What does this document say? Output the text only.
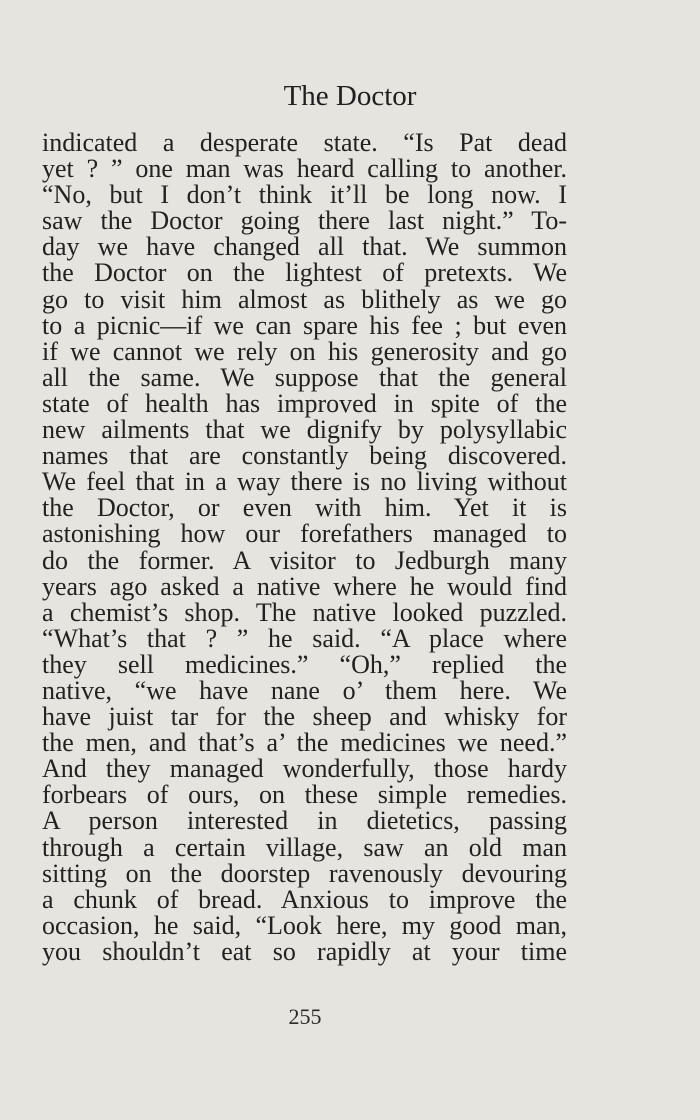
The Doctor
indicated a desperate state. “Is Pat dead
yet ? ” one man was heard calling to another.
“No, but I don’t think it’ll be long now. I
saw the Doctor going there last night.” To-
day we have changed all that. We summon
the Doctor on the lightest of pretexts. We
go to visit him almost as blithely as we go
to a picnic—if we can spare his fee ; but even
if we cannot we rely on his generosity and go
all the same. We suppose that the general
state of health has improved in spite of the
new ailments that we dignify by polysyllabic
names that are constantly being discovered.
We feel that in a way there is no living without
the Doctor, or even with him. Yet it is
astonishing how our forefathers managed to
do the former. A visitor to Jedburgh many
years ago asked a native where he would find
a chemist’s shop. The native looked puzzled.
“What’s that ? ” he said. “A place where
they sell medicines.” “Oh,” replied the
native, “we have nane o’ them here. We
have juist tar for the sheep and whisky for
the men, and that’s a’ the medicines we need.”
And they managed wonderfully, those hardy
forbears of ours, on these simple remedies.
A person interested in dietetics, passing
through a certain village, saw an old man
sitting on the doorstep ravenously devouring
a chunk of bread. Anxious to improve the
occasion, he said, “Look here, my good man,
you shouldn’t eat so rapidly at your time
255
